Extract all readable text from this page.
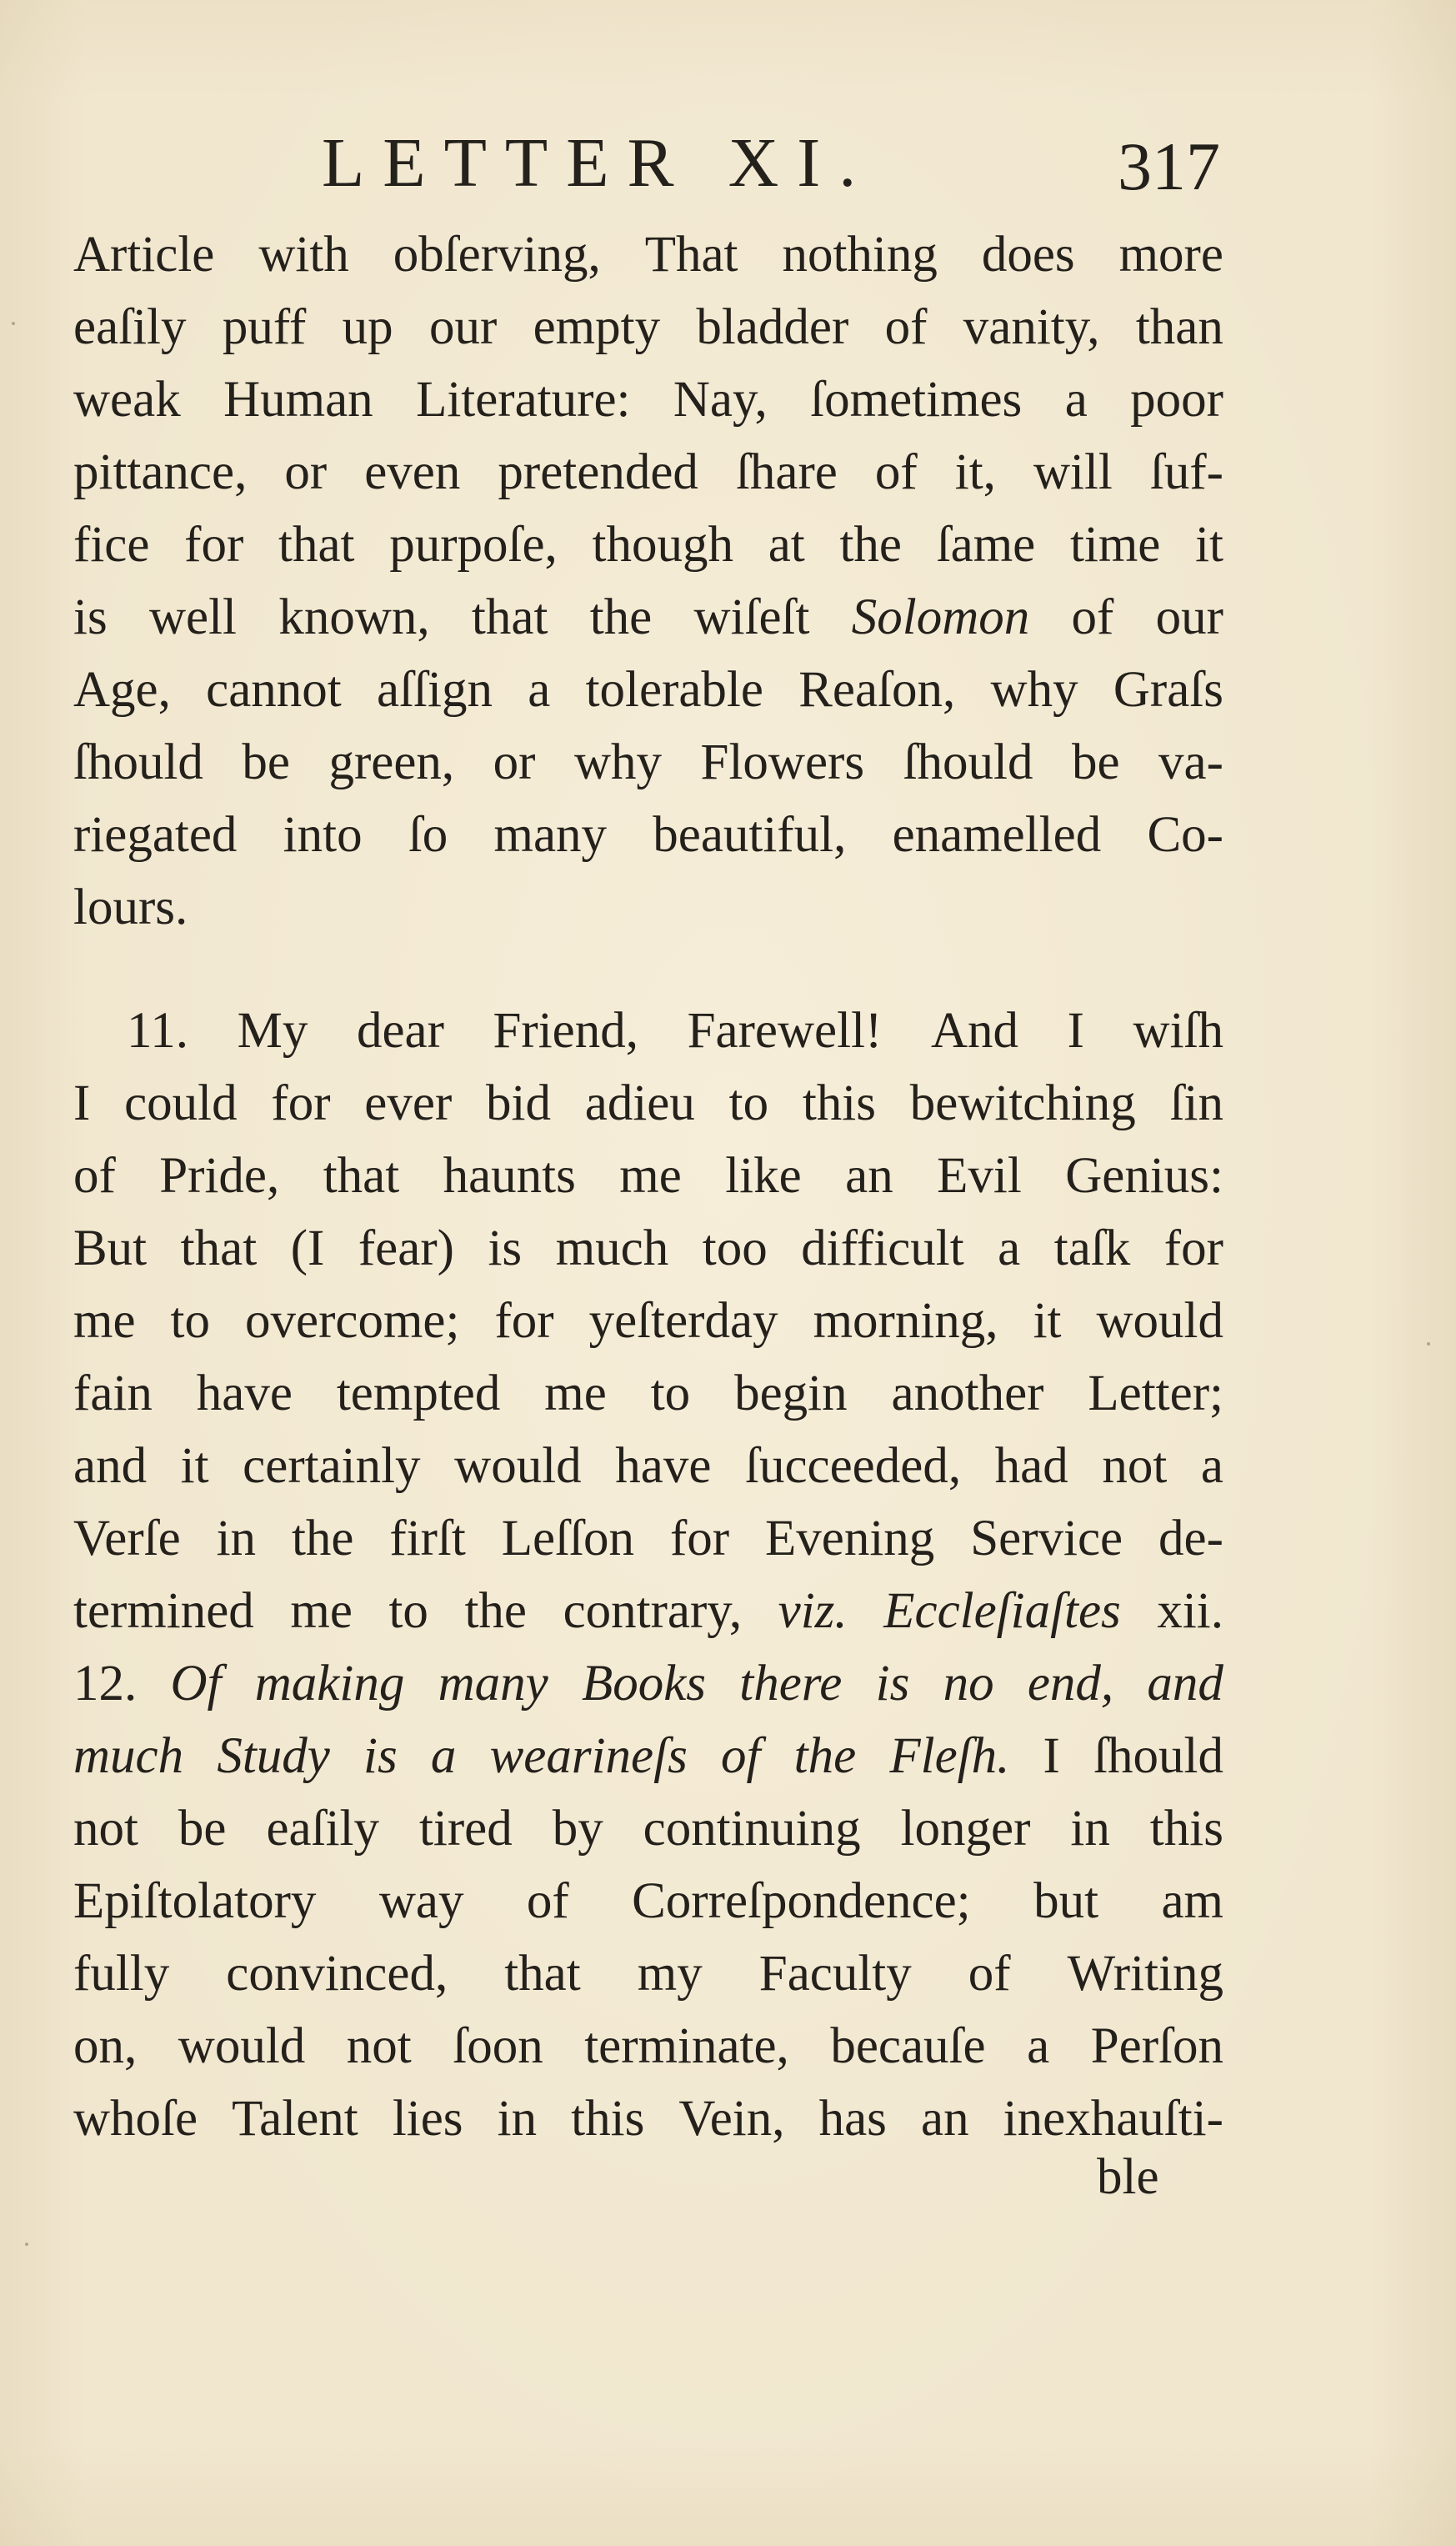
LETTER XI.	317
Article with obſerving, That nothing does more
eaſily puff up our empty bladder of vanity, than
weak Human Literature: Nay, ſometimes a poor
pittance, or even pretended ſhare of it, will ſuf-
fice for that purpoſe, though at the ſame time it
is well known, that the wiſeſt Solomon of our
Age, cannot aſſign a tolerable Reaſon, why Graſs
ſhould be green, or why Flowers ſhould be va-
riegated into ſo many beautiful, enamelled Co-
lours.
11. My dear Friend, Farewell! And I wiſh
I could for ever bid adieu to this bewitching ſin
of Pride, that haunts me like an Evil Genius:
But that (I fear) is much too difficult a taſk for
me to overcome; for yeſterday morning, it would
fain have tempted me to begin another Letter;
and it certainly would have ſucceeded, had not a
Verſe in the firſt Leſſon for Evening Service de-
termined me to the contrary, viz. Eccleſiaſtes xii.
12. Of making many Books there is no end, and
much Study is a wearineſs of the Fleſh. I ſhould
not be eaſily tired by continuing longer in this
Epiſtolatory way of Correſpondence; but am
fully convinced, that my Faculty of Writing
on, would not ſoon terminate, becauſe a Perſon
whoſe Talent lies in this Vein, has an inexhauſti-
ble
